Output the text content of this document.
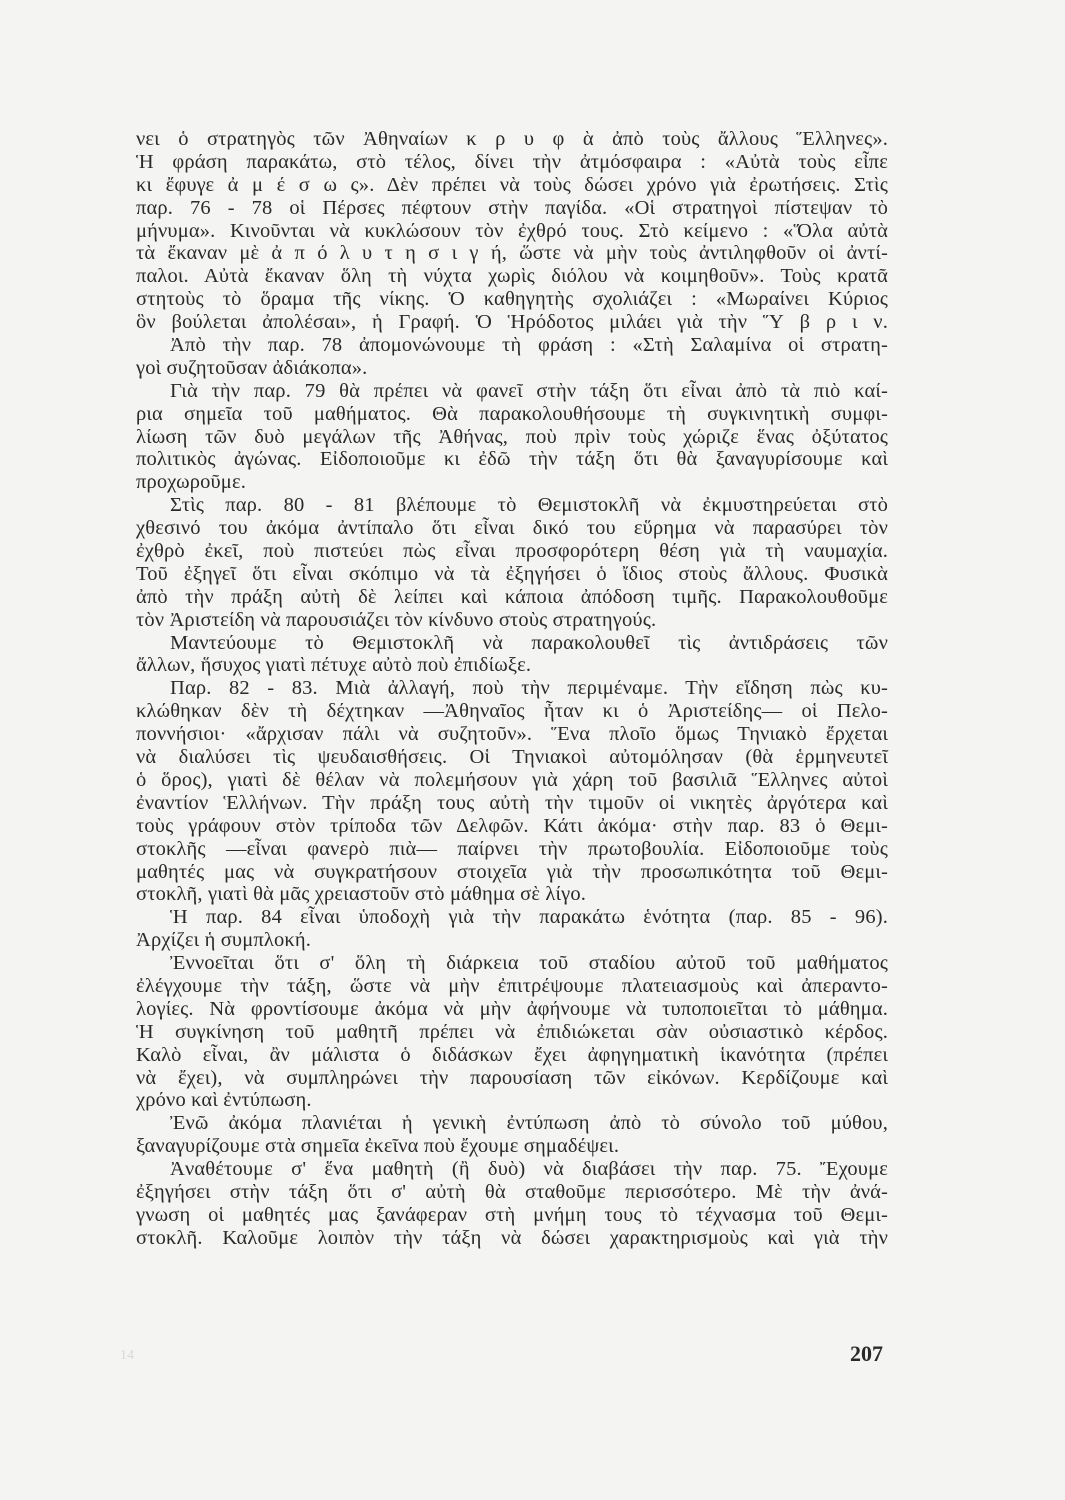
νει ὁ στρατηγὸς τῶν Ἀθηναίων κ ρ υ φ ὰ ἀπὸ τοὺς ἄλλους Ἕλληνες».
Ἡ φράση παρακάτω, στὸ τέλος, δίνει τὴν ἀτμόσφαιρα : «Αὐτὰ τοὺς εἶπε
κι ἔφυγε ἀ μ έ σ ω ς». Δὲν πρέπει νὰ τοὺς δώσει χρόνο γιὰ ἐρωτήσεις. Στὶς
παρ. 76 - 78 οἱ Πέρσες πέφτουν στὴν παγίδα. «Οἱ στρατηγοὶ πίστεψαν τὸ
μήνυμα». Κινοῦνται νὰ κυκλώσουν τὸν ἐχθρό τους. Στὸ κείμενο : «Ὅλα αὐτὰ
τὰ ἔκαναν μὲ ἀ π ό λ υ τ η σ ι γ ή, ὥστε νὰ μὴν τοὺς ἀντιληφθοῦν οἱ ἀντί-
παλοι. Αὐτὰ ἔκαναν ὅλη τὴ νύχτα χωρὶς διόλου νὰ κοιμηθοῦν». Τοὺς κρατᾶ
στητοὺς τὸ ὅραμα τῆς νίκης. Ὁ καθηγητὴς σχολιάζει : «Μωραίνει Κύριος
ὃν βούλεται ἀπολέσαι», ἡ Γραφή. Ὁ Ἡρόδοτος μιλάει γιὰ τὴν Ὕ β ρ ι ν.
Ἀπὸ τὴν παρ. 78 ἀπομονώνουμε τὴ φράση : «Στὴ Σαλαμίνα οἱ στρατη-
γοὶ συζητοῦσαν ἀδιάκοπα».
Γιὰ τὴν παρ. 79 θὰ πρέπει νὰ φανεῖ στὴν τάξη ὅτι εἶναι ἀπὸ τὰ πιὸ καί-
ρια σημεῖα τοῦ μαθήματος. Θὰ παρακολουθήσουμε τὴ συγκινητικὴ συμφι-
λίωση τῶν δυὸ μεγάλων τῆς Ἀθήνας, ποὺ πρὶν τοὺς χώριζε ἕνας ὀξύτατος
πολιτικὸς ἀγώνας. Εἰδοποιοῦμε κι ἐδῶ τὴν τάξη ὅτι θὰ ξαναγυρίσουμε καὶ
προχωροῦμε.
Στὶς παρ. 80 - 81 βλέπουμε τὸ Θεμιστοκλῆ νὰ ἐκμυστηρεύεται στὸ
χθεσινό του ἀκόμα ἀντίπαλο ὅτι εἶναι δικό του εὕρημα νὰ παρασύρει τὸν
ἐχθρὸ ἐκεῖ, ποὺ πιστεύει πὼς εἶναι προσφορότερη θέση γιὰ τὴ ναυμαχία.
Τοῦ ἐξηγεῖ ὅτι εἶναι σκόπιμο νὰ τὰ ἐξηγήσει ὁ ἴδιος στοὺς ἄλλους. Φυσικὰ
ἀπὸ τὴν πράξη αὐτὴ δὲ λείπει καὶ κάποια ἀπόδοση τιμῆς. Παρακολουθοῦμε
τὸν Ἀριστείδη νὰ παρουσιάζει τὸν κίνδυνο στοὺς στρατηγούς.
Μαντεύουμε τὸ Θεμιστοκλῆ νὰ παρακολουθεῖ τὶς ἀντιδράσεις τῶν
ἄλλων, ἥσυχος γιατὶ πέτυχε αὐτὸ ποὺ ἐπιδίωξε.
Παρ. 82 - 83. Μιὰ ἀλλαγή, ποὺ τὴν περιμέναμε. Τὴν εἴδηση πὼς κυ-
κλώθηκαν δὲν τὴ δέχτηκαν —Ἀθηναῖος ἦταν κι ὁ Ἀριστείδης— οἱ Πελο-
ποννήσιοι· «ἄρχισαν πάλι νὰ συζητοῦν». Ἕνα πλοῖο ὅμως Τηνιακὸ ἔρχεται
νὰ διαλύσει τὶς ψευδαισθήσεις. Οἱ Τηνιακοὶ αὐτομόλησαν (θὰ ἑρμηνευτεῖ
ὁ ὅρος), γιατὶ δὲ θέλαν νὰ πολεμήσουν γιὰ χάρη τοῦ βασιλιᾶ Ἕλληνες αὐτοὶ
ἐναντίον Ἑλλήνων. Τὴν πράξη τους αὐτὴ τὴν τιμοῦν οἱ νικητὲς ἀργότερα καὶ
τοὺς γράφουν στὸν τρίποδα τῶν Δελφῶν. Κάτι ἀκόμα· στὴν παρ. 83 ὁ Θεμι-
στοκλῆς —εἶναι φανερὸ πιὰ— παίρνει τὴν πρωτοβουλία. Εἰδοποιοῦμε τοὺς
μαθητές μας νὰ συγκρατήσουν στοιχεῖα γιὰ τὴν προσωπικότητα τοῦ Θεμι-
στοκλῆ, γιατὶ θὰ μᾶς χρειαστοῦν στὸ μάθημα σὲ λίγο.
Ἡ παρ. 84 εἶναι ὑποδοχὴ γιὰ τὴν παρακάτω ἑνότητα (παρ. 85 - 96).
Ἀρχίζει ἡ συμπλοκή.
Ἐννοεῖται ὅτι σ' ὅλη τὴ διάρκεια τοῦ σταδίου αὐτοῦ τοῦ μαθήματος
ἐλέγχουμε τὴν τάξη, ὥστε νὰ μὴν ἐπιτρέψουμε πλατειασμοὺς καὶ ἀπεραντο-
λογίες. Νὰ φροντίσουμε ἀκόμα νὰ μὴν ἀφήνουμε νὰ τυποποιεῖται τὸ μάθημα.
Ἡ συγκίνηση τοῦ μαθητῆ πρέπει νὰ ἐπιδιώκεται σὰν οὐσιαστικὸ κέρδος.
Καλὸ εἶναι, ἂν μάλιστα ὁ διδάσκων ἔχει ἀφηγηματικὴ ἱκανότητα (πρέπει
νὰ ἔχει), νὰ συμπληρώνει τὴν παρουσίαση τῶν εἰκόνων. Κερδίζουμε καὶ
χρόνο καὶ ἐντύπωση.
Ἐνῶ ἀκόμα πλανιέται ἡ γενικὴ ἐντύπωση ἀπὸ τὸ σύνολο τοῦ μύθου,
ξαναγυρίζουμε στὰ σημεῖα ἐκεῖνα ποὺ ἔχουμε σημαδέψει.
Ἀναθέτουμε σ' ἕνα μαθητὴ (ἢ δυὸ) νὰ διαβάσει τὴν παρ. 75. Ἔχουμε
ἐξηγήσει στὴν τάξη ὅτι σ' αὐτὴ θὰ σταθοῦμε περισσότερο. Μὲ τὴν ἀνά-
γνωση οἱ μαθητές μας ξανάφεραν στὴ μνήμη τους τὸ τέχνασμα τοῦ Θεμι-
στοκλῆ. Καλοῦμε λοιπὸν τὴν τάξη νὰ δώσει χαρακτηρισμοὺς καὶ γιὰ τὴν
14	207
